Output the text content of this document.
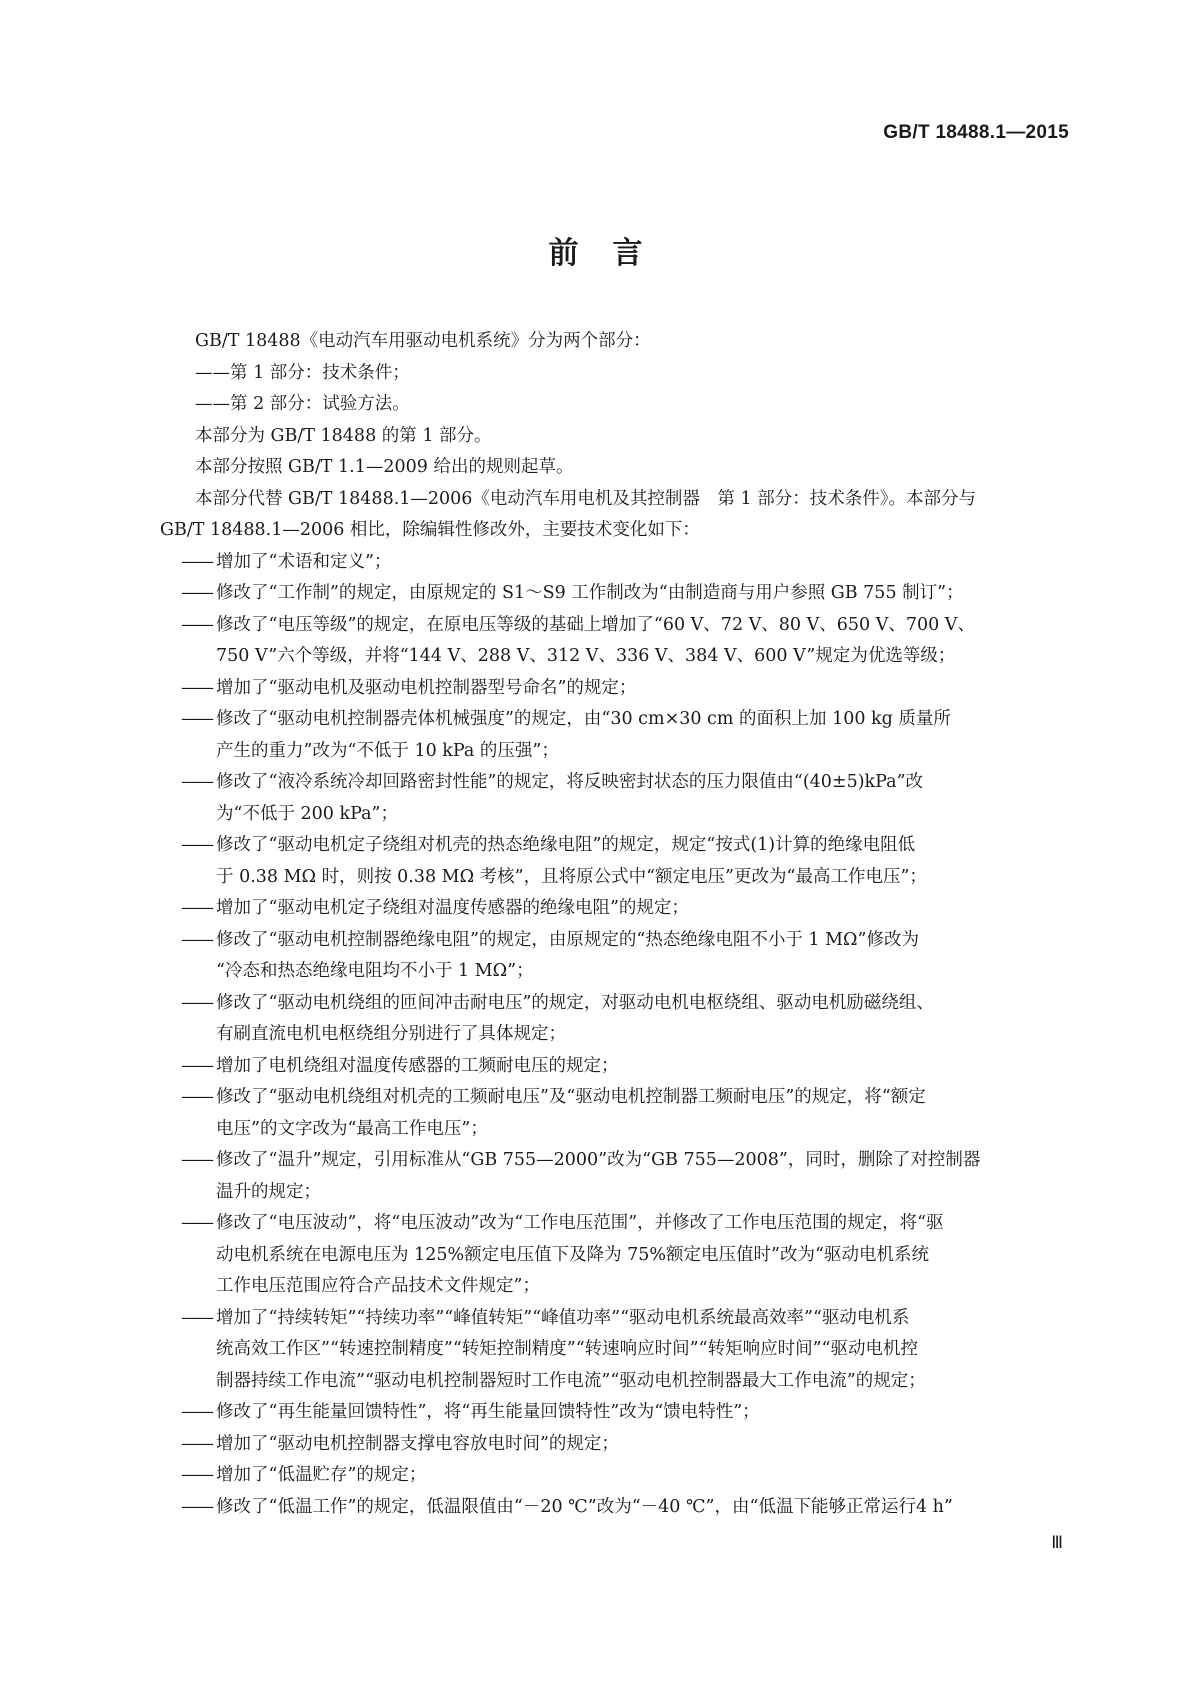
GB/T 18488.1—2015
前言

GB/T 18488《电动汽车用驱动电机系统》分为两个部分：

——第 1 部分：技术条件；

——第 2 部分：试验方法。

本部分为 GB/T 18488 的第 1 部分。

本部分按照 GB/T 1.1—2009 给出的规则起草。

本部分代替 GB/T 18488.1—2006《电动汽车用电机及其控制器　第 1 部分：技术条件》。本部分与

GB/T 18488.1—2006 相比，除编辑性修改外，主要技术变化如下：

—— 增加了“术语和定义”；
—— 修改了“工作制”的规定，由原规定的 S1～S9 工作制改为“由制造商与用户参照 GB 755 制订”；
—— 修改了“电压等级”的规定，在原电压等级的基础上增加了“60 V、72 V、80 V、650 V、700 V、
750 V”六个等级，并将“144 V、288 V、312 V、336 V、384 V、600 V”规定为优选等级；
—— 增加了“驱动电机及驱动电机控制器型号命名”的规定；
—— 修改了“驱动电机控制器壳体机械强度”的规定，由“30 cm×30 cm 的面积上加 100 kg 质量所
产生的重力”改为“不低于 10 kPa 的压强”；
—— 修改了“液冷系统冷却回路密封性能”的规定，将反映密封状态的压力限值由“(40±5)kPa”改
为“不低于 200 kPa”；
—— 修改了“驱动电机定子绕组对机壳的热态绝缘电阻”的规定，规定“按式(1)计算的绝缘电阻低
于 0.38 MΩ 时，则按 0.38 MΩ 考核”，且将原公式中“额定电压”更改为“最高工作电压”；
—— 增加了“驱动电机定子绕组对温度传感器的绝缘电阻”的规定；
—— 修改了“驱动电机控制器绝缘电阻”的规定，由原规定的“热态绝缘电阻不小于 1 MΩ”修改为
“冷态和热态绝缘电阻均不小于 1 MΩ”；
—— 修改了“驱动电机绕组的匝间冲击耐电压”的规定，对驱动电机电枢绕组、驱动电机励磁绕组、
有刷直流电机电枢绕组分别进行了具体规定；
—— 增加了电机绕组对温度传感器的工频耐电压的规定；
—— 修改了“驱动电机绕组对机壳的工频耐电压”及“驱动电机控制器工频耐电压”的规定，将“额定
电压”的文字改为“最高工作电压”；
—— 修改了“温升”规定，引用标准从“GB 755—2000”改为“GB 755—2008”，同时，删除了对控制器
温升的规定；
—— 修改了“电压波动”，将“电压波动”改为“工作电压范围”，并修改了工作电压范围的规定，将“驱
动电机系统在电源电压为 125%额定电压值下及降为 75%额定电压值时”改为“驱动电机系统
工作电压范围应符合产品技术文件规定”；
—— 增加了“持续转矩”“持续功率”“峰值转矩”“峰值功率”“驱动电机系统最高效率”“驱动电机系
统高效工作区”“转速控制精度”“转矩控制精度”“转速响应时间”“转矩响应时间”“驱动电机控
制器持续工作电流”“驱动电机控制器短时工作电流”“驱动电机控制器最大工作电流”的规定；
—— 修改了“再生能量回馈特性”，将“再生能量回馈特性”改为“馈电特性”；
—— 增加了“驱动电机控制器支撑电容放电时间”的规定；
—— 增加了“低温贮存”的规定；
—— 修改了“低温工作”的规定，低温限值由“－20 ℃”改为“－40 ℃”，由“低温下能够正常运行4 h”
Ⅲ
